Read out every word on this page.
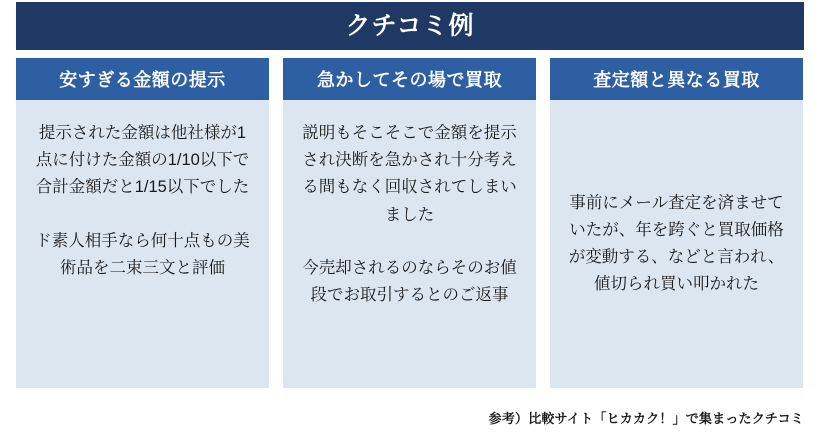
クチコミ例
安すぎる金額の提示

提示された金額は他社様が1点に付けた金額の1/10以下で合計金額だと1/15以下でした

ド素人相手なら何十点もの美術品を二束三文と評価

急かしてその場で買取

説明もそこそこで金額を提示され決断を急かされ十分考える間もなく回収されてしまいました

今売却されるのならそのお値段でお取引するとのご返事

査定額と異なる買取

事前にメール査定を済ませていたが、年を跨ぐと買取価格が変動する、などと言われ、値切られ買い叩かれた

参考）比較サイト「ヒカカク！」で集まったクチコミ
